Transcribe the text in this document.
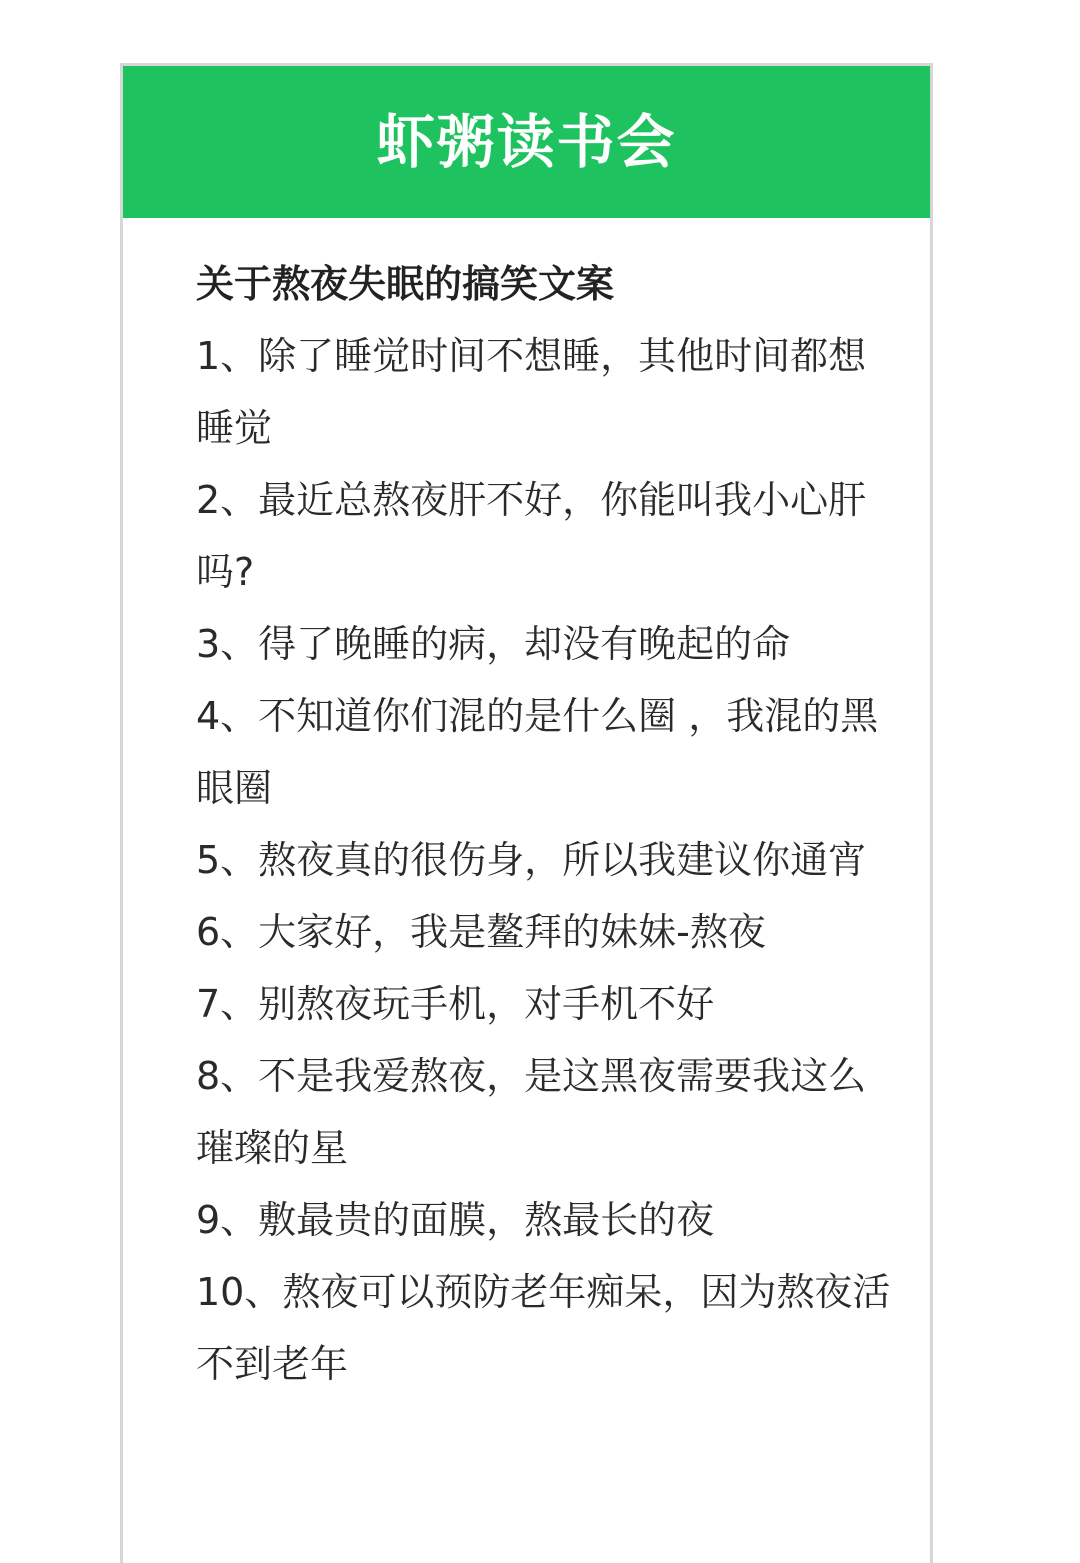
虾粥读书会
关于熬夜失眠的搞笑文案
1、除了睡觉时间不想睡，其他时间都想睡觉
2、最近总熬夜肝不好，你能叫我小心肝吗?
3、得了晚睡的病，却没有晚起的命
4、不知道你们混的是什么圈 ，我混的黑眼圈
5、熬夜真的很伤身，所以我建议你通宵
6、大家好，我是鳌拜的妹妹-熬夜
7、别熬夜玩手机，对手机不好
8、不是我爱熬夜，是这黑夜需要我这么璀璨的星
9、敷最贵的面膜，熬最长的夜
10、熬夜可以预防老年痴呆，因为熬夜活不到老年
